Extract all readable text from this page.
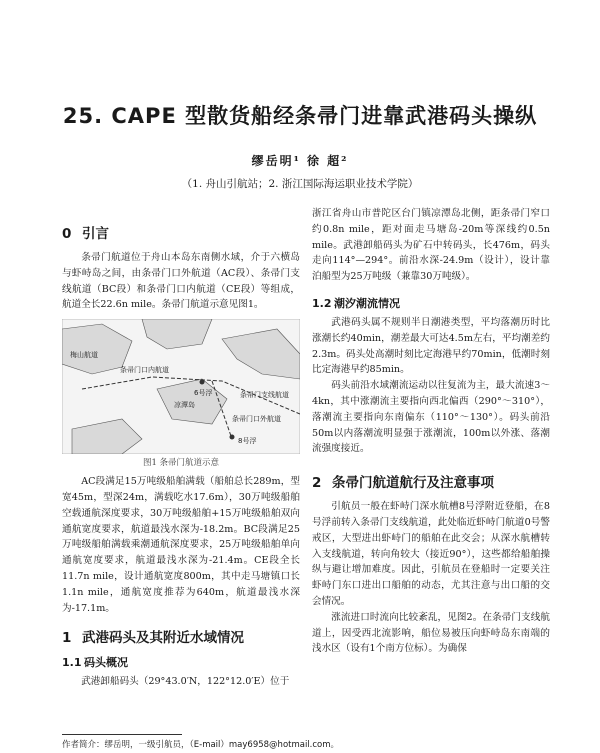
25. CAPE 型散货船经条帚门进靠武港码头操纵
缪岳明¹ 徐 超²
（1. 舟山引航站；2. 浙江国际海运职业技术学院）
0 引言

条帚门航道位于舟山本岛东南侧水域，介于六横岛与虾峙岛之间，由条帚门口外航道（AC段）、条帚门支线航道（BC段）和条帚门口内航道（CE段）等组成，航道全长22.6n mile。条帚门航道示意见图1。

梅山航道
条帚门口内航道
凉潭岛
6号浮	条帚门支线航道
8号浮
条帚门口外航道
图1 条帚门航道示意

AC段满足15万吨级船舶满载（船舶总长289m，型宽45m，型深24m，满载吃水17.6m），30万吨级船舶空载通航深度要求，30万吨级船舶+15万吨级船舶双向通航宽度要求，航道最浅水深为-18.2m。BC段满足25万吨级船舶满载乘潮通航深度要求，25万吨级船舶单向通航宽度要求，航道最浅水深为-21.4m。CE段全长11.7n mile，设计通航宽度800m，其中走马塘镇口长1.1n mile，通航宽度推荐为640m，航道最浅水深为-17.1m。

1 武港码头及其附近水域情况
1.1 码头概况

武港卸船码头（29°43.0′N，122°12.0′E）位于

浙江省舟山市普陀区台门镇凉潭岛北侧，距条帚门窄口约0.8n mile，距对面走马塘岛-20m等深线约0.5n mile。武港卸船码头为矿石中转码头，长476m，码头走向114°—294°。前沿水深-24.9m（设计），设计靠泊船型为25万吨级（兼靠30万吨级）。

1.2 潮汐潮流情况

武港码头属不规则半日潮港类型，平均落潮历时比涨潮长约40min，潮差最大可达4.5m左右，平均潮差约2.3m。码头处高潮时刻比定海港早约70min，低潮时刻比定海港早约85min。

码头前沿水域潮流运动以往复流为主，最大流速3～4kn，其中涨潮流主要指向西北偏西（290°～310°），落潮流主要指向东南偏东（110°～130°）。码头前沿50m以内落潮流明显强于涨潮流，100m以外涨、落潮流强度接近。

2 条帚门航道航行及注意事项

引航员一般在虾峙门深水航槽8号浮附近登船，在8号浮前转入条帚门支线航道，此处临近虾峙门航道0号警戒区，大型进出虾峙门的船舶在此交会；从深水航槽转入支线航道，转向角较大（接近90°），这些都给船舶操纵与避让增加难度。因此，引航员在登船时一定要关注虾峙门东口进出口船舶的动态，尤其注意与出口船的交会情况。

涨流进口时流向比较紊乱，见图2。在条帚门支线航道上，因受西北流影响，船位易被压向虾峙岛东南端的浅水区（设有1个南方位标）。为确保

作者简介：缪岳明，一级引航员，（E-mail）may6958@hotmail.com。
